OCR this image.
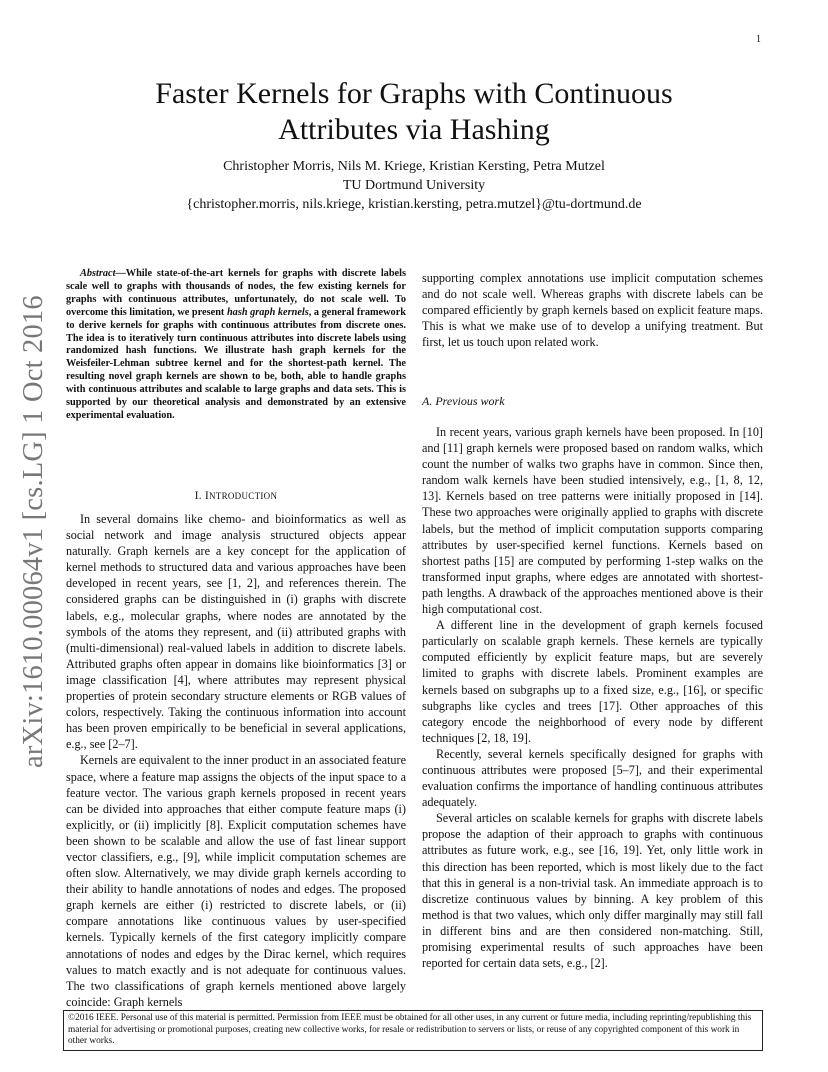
1
arXiv:1610.00064v1 [cs.LG] 1 Oct 2016
Faster Kernels for Graphs with Continuous
Attributes via Hashing
Christopher Morris, Nils M. Kriege, Kristian Kersting, Petra Mutzel
TU Dortmund University
{christopher.morris, nils.kriege, kristian.kersting, petra.mutzel}@tu-dortmund.de

Abstract—While state-of-the-art kernels for graphs with discrete labels scale well to graphs with thousands of nodes, the few existing kernels for graphs with continuous attributes, unfortunately, do not scale well. To overcome this limitation, we present hash graph kernels, a general framework to derive kernels for graphs with continuous attributes from discrete ones. The idea is to iteratively turn continuous attributes into discrete labels using randomized hash functions. We illustrate hash graph kernels for the Weisfeiler-Lehman subtree kernel and for the shortest-path kernel. The resulting novel graph kernels are shown to be, both, able to handle graphs with continuous attributes and scalable to large graphs and data sets. This is supported by our theoretical analysis and demonstrated by an extensive experimental evaluation.

I. INTRODUCTION

In several domains like chemo- and bioinformatics as well as social network and image analysis structured objects appear naturally. Graph kernels are a key concept for the application of kernel methods to structured data and various approaches have been developed in recent years, see [1, 2], and references therein. The considered graphs can be distinguished in (i) graphs with discrete labels, e.g., molecular graphs, where nodes are annotated by the symbols of the atoms they represent, and (ii) attributed graphs with (multi-dimensional) real-valued labels in addition to discrete labels. Attributed graphs often appear in domains like bioinformatics [3] or image classification [4], where attributes may represent physical properties of protein secondary structure elements or RGB values of colors, respectively. Taking the continuous information into account has been proven empirically to be beneficial in several applications, e.g., see [2–7].

Kernels are equivalent to the inner product in an associated feature space, where a feature map assigns the objects of the input space to a feature vector. The various graph kernels proposed in recent years can be divided into approaches that either compute feature maps (i) explicitly, or (ii) implicitly [8]. Explicit computation schemes have been shown to be scalable and allow the use of fast linear support vector classifiers, e.g., [9], while implicit computation schemes are often slow. Alternatively, we may divide graph kernels according to their ability to handle annotations of nodes and edges. The proposed graph kernels are either (i) restricted to discrete labels, or (ii) compare annotations like continuous values by user-specified kernels. Typically kernels of the first category implicitly compare annotations of nodes and edges by the Dirac kernel, which requires values to match exactly and is not adequate for continuous values. The two classifications of graph kernels mentioned above largely coincide: Graph kernels

supporting complex annotations use implicit computation schemes and do not scale well. Whereas graphs with discrete labels can be compared efficiently by graph kernels based on explicit feature maps. This is what we make use of to develop a unifying treatment. But first, let us touch upon related work.

A. Previous work

In recent years, various graph kernels have been proposed. In [10] and [11] graph kernels were proposed based on random walks, which count the number of walks two graphs have in common. Since then, random walk kernels have been studied intensively, e.g., [1, 8, 12, 13]. Kernels based on tree patterns were initially proposed in [14]. These two approaches were originally applied to graphs with discrete labels, but the method of implicit computation supports comparing attributes by user-specified kernel functions. Kernels based on shortest paths [15] are computed by performing 1-step walks on the transformed input graphs, where edges are annotated with shortest-path lengths. A drawback of the approaches mentioned above is their high computational cost.

A different line in the development of graph kernels focused particularly on scalable graph kernels. These kernels are typically computed efficiently by explicit feature maps, but are severely limited to graphs with discrete labels. Prominent examples are kernels based on subgraphs up to a fixed size, e.g., [16], or specific subgraphs like cycles and trees [17]. Other approaches of this category encode the neighborhood of every node by different techniques [2, 18, 19].

Recently, several kernels specifically designed for graphs with continuous attributes were proposed [5–7], and their experimental evaluation confirms the importance of handling continuous attributes adequately.

Several articles on scalable kernels for graphs with discrete labels propose the adaption of their approach to graphs with continuous attributes as future work, e.g., see [16, 19]. Yet, only little work in this direction has been reported, which is most likely due to the fact that this in general is a non-trivial task. An immediate approach is to discretize continuous values by binning. A key problem of this method is that two values, which only differ marginally may still fall in different bins and are then considered non-matching. Still, promising experimental results of such approaches have been reported for certain data sets, e.g., [2].

©2016 IEEE. Personal use of this material is permitted. Permission from IEEE must be obtained for all other uses, in any current or future media, including reprinting/republishing this material for advertising or promotional purposes, creating new collective works, for resale or redistribution to servers or lists, or reuse of any copyrighted component of this work in other works.
